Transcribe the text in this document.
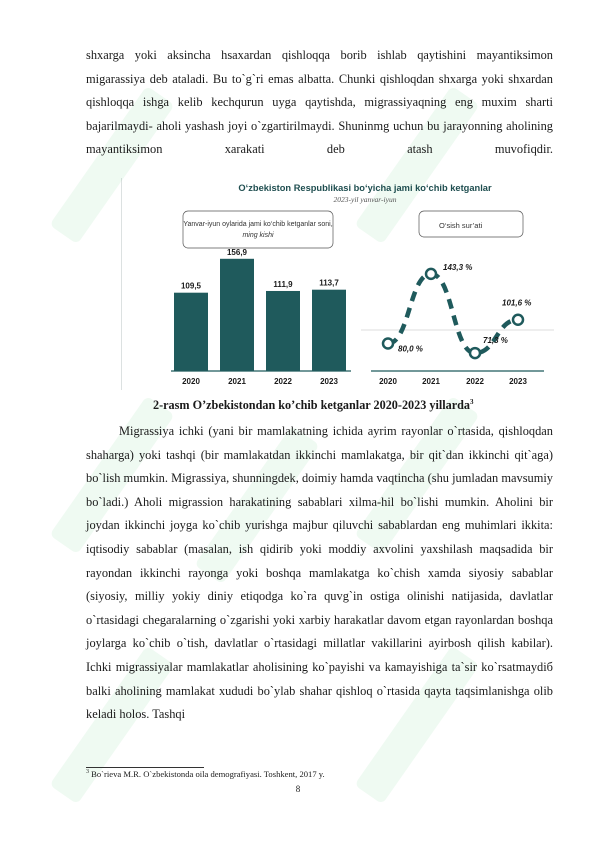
shxarga yoki aksincha hsaxardan qishloqqa borib ishlab qaytishini mayantiksimon migarassiya deb ataladi. Bu to`g`ri emas albatta. Chunki qishloqdan shxarga yoki shxardan qishloqqa ishga kelib kechqurun uyga qaytishda, migrassiyaqning eng muxim sharti bajarilmaydi- aholi yashash joyi o`zgartirilmaydi. Shuninmg uchun bu jarayonning aholining mayantiksimon xarakati deb atash muvofiqdir.

O‘zbekiston Respublikasi bo‘yicha jami ko‘chib ketganlar
2023-yil yanvar-iyun
Yanvar-iyun oylarida jami ko‘chib ketganlar soni,
ming kishi
O‘sish sur’ati
109,5
2020
156,9
2021
111,9
2022
113,7
2023
80,0 %
2020
143,3 %
2021
71,3 %
2022
101,6 %
2023
2-rasm O’zbekistondan ko’chib ketganlar 2020-2023 yillarda$^3$

Migrassiya ichki (yani bir mamlakatning ichida ayrim rayonlar o`rtasida, qishloqdan shaharga) yoki tashqi (bir mamlakatdan ikkinchi mamlakatga, bir qit`dan ikkinchi qit`aga) bo`lish mumkin. Migrassiya, shunningdek, doimiy hamda vaqtincha (shu jumladan mavsumiy bo`ladi.) Aholi migrassion harakatining sabablari xilma-hil bo`lishi mumkin. Aholini bir joydan ikkinchi joyga ko`chib yurishga majbur qiluvchi sabablardan eng muhimlari ikkita: iqtisodiy sabablar (masalan, ish qidirib yoki moddiy axvolini yaxshilash maqsadida bir rayondan ikkinchi rayonga yoki boshqa mamlakatga ko`chish xamda siyosiy sabablar (siyosiy, milliy yokiy diniy etiqodga ko`ra quvg`in ostiga olinishi natijasida, davlatlar o`rtasidagi chegaralarning o`zgarishi yoki xarbiy harakatlar davom etgan rayonlardan boshqa joylarga ko`chib o`tish, davlatlar o`rtasidagi millatlar vakillarini ayirbosh qilish kabilar). Ichki migrassiyalar mamlakatlar aholisining ko`payishi va kamayishiga ta`sir ko`rsatmaydiб balki aholining mamlakat xududi bo`ylab shahar qishloq o`rtasida qayta taqsimlanishga olib keladi holos. Tashqi

$^3$ Bo`rieva M.R. O`zbekistonda oila demografiyasi. Toshkent, 2017 y.
8
